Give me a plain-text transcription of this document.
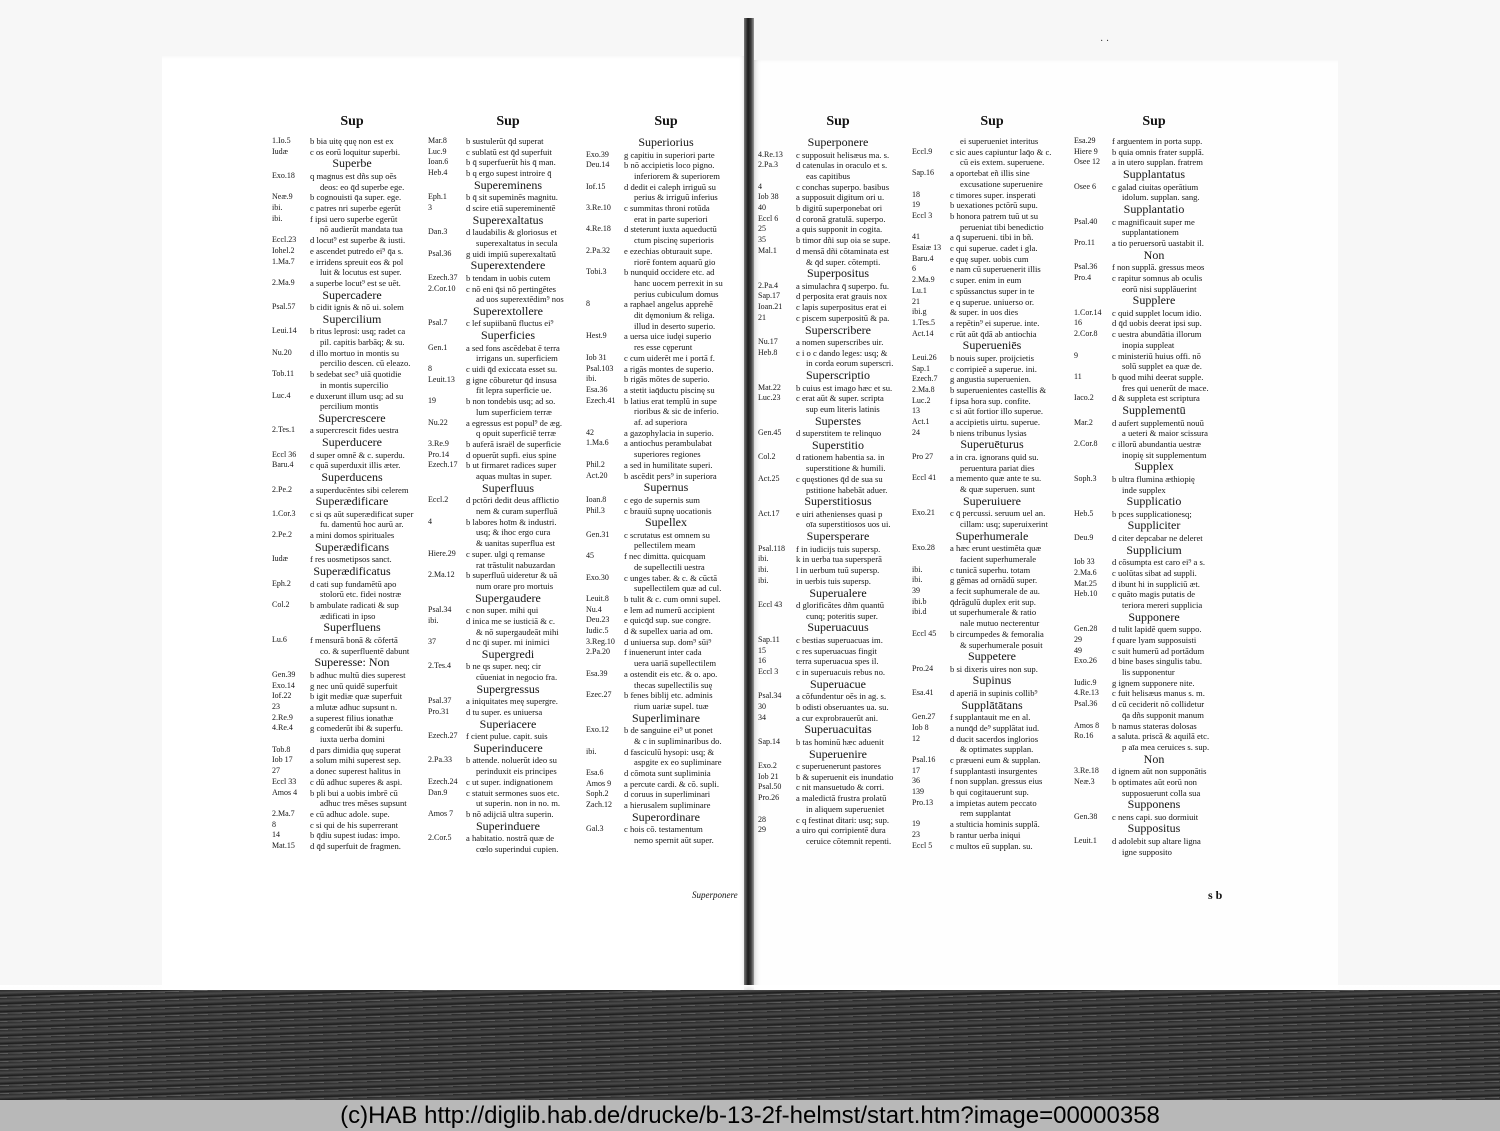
· ·
Sup
1.Io.5	b bia uitę quę non est ex
Iudæ	c os eorū loquitur superbi.
Superbe
Exo.18	q magnus est dñs sup oēs
deos: eo q̄d superbe ege.
Neæ.9	b cognouisti q̄a super. ege.
ibi.	c patres nri superbe egerūt
ibi.	f ipsi uero superbe egerūt
nō audierūt mandata tua
Eccl.23	d locut⁹ est superbe & iusti.
Iohel.2	e ascendet putredo ei⁹ q̄a s.
1.Ma.7	e irridens spreuit eos & pol
luit & locutus est super.
2.Ma.9	a superbe locut⁹ est se uēt.
Supercadere
Psal.57	b cidit ignis & nō ui. solem
Supercilium
Leui.14	b ritus leprosi: usq; radet ca
pil. capitis barbāq; & su.
Nu.20	d illo mortuo in montis su
percilio descen. cū eleazo.
Tob.11	b sedebat sec⁹ uiā quotidie
in montis supercilio
Luc.4	e duxerunt illum usq; ad su
percilium montis
Supercrescere
2.Tes.1	a supercrescit fides uestra
Superducere
Eccl 36	d super omnē & c. superdu.
Baru.4	c quā superduxit illis æter.
Superducens
2.Pe.2	a superducēntes sibi celerem
Superædificare
1.Cor.3	c si qs aūt superædificat super
fu. damentū hoc aurū ar.
2.Pe.2	a mini domos spirituales
Superædificans
Iudæ	f res uosmetipsos sanct.
Superædificatus
Eph.2	d cati sup fundamētū apo
stolorū etc. fidei nostræ
Col.2	b ambulate radicati & sup
ædificati in ipso
Superfluens
Lu.6	f mensurā bonā & cōfertā
co. & superfluentē dabunt
Superesse: Non
Gen.39	b adhuc multū dies superest
Exo.14	g nec unū quidē superfuit
Iof.22	b igit mediæ quæ superfuit
23	a mlutæ adhuc supsunt n.
2.Re.9	a superest filius ionathæ
4.Re.4	g comederūt ibi & superfu.
iuxta uerba domini
Tob.8	d pars dimidia quę superat
Iob 17	a solum mihi superest sep.
27	a donec superest halitus in
Eccl 33	c dū adhuc superes & aspi.
Amos 4	b pli bui a uobis imbrē cū
adhuc tres mēses supsunt
2.Ma.7	e cū adhuc adole. supe.
8	c si qui de his superrerant
14	b q̄diu supest iudas: impo.
Mat.15	d q̄d superfuit de fragmen.
Sup
Mar.8	b sustulerūt q̄d superat
Luc.9	c sublatū est q̄d superfuit
Ioan.6	b q̄ superfuerūt his q̄ man.
Heb.4	b q ergo supest introire q̄
Supereminens
Eph.1	b q̄ sit supeminēs magnitu.
3	d scire etiā supereminentē
Superexaltatus
Dan.3	d laudabilis & gloriosus et
superexaltatus in secula
Psal.36	g uidi impiū superexaltatū
Superextendere
Ezech.37 b tendam in uobis cutem
2.Cor.10	c nō eni q̄si nō pertingētes
ad uos superextēdim⁹ nos
Superextollere
Psal.7	c lef supiibanū fluctus ei⁹
Superficies
Gen.1	a sed fons ascēdebat ē terra
irrigans un. superficiem
8	c uidi q̄d exiccata esset su.
Leuit.13	g igne cōburetur q̄d insusa
fit lepra superficie ue.
19	b non tondebis usq; ad so.
lum superficiem terræ
Nu.22	a egressus est popul⁹ de æg.
q opuit superficiē terræ
3.Re.9	b auferā israël de superficie
Pro.14	d opuerūt supfi. eius spine
Ezech.17 b ut firmaret radices super
aquas multas in super.
Superfluus
Eccl.2	d pctōri dedit deus afflictio
nem & curam superfluā
4	b labores hoīm & industri.
usq; & ihoc ergo cura
& uanitas superflua est
Hiere.29	c super. ulgi q remanse
rat trāstulit nabuzardan
2.Ma.12	b superfluū uideretur & uā
num orare pro mortuis
Supergaudere
Psal.34	c non super. mihi qui
ibi.	d inica me se iusticiā & c.
& nō supergaudeāt mihi
37	d nc q̄i super. mi inimici
Supergredi
2.Tes.4	b ne qs super. neq; cir
cūueniat in negocio fra.
Supergressus
Psal.37	a iniquitates meę supergre.
Pro.31	d tu super. es uniuersa
Superiacere
Ezech.27 f cient pulue. capit. suis
Superinducere
2.Pa.33	b attende. noluerūt ideo su
perinduxit eis principes
Ezech.24 c ut super. indignationem
Dan.9	c statuit sermones suos etc.
ut superin. non in no. m.
Amos 7	b nō adijciā ultra superin.
Superinduere
2.Cor.5	a habitatio. nostrā quæ de
cœlo superindui cupien.
Sup
Superiorius
Exo.39	g capitiu in superiori parte
Deu.14	b nō accipietis loco pigno.
inferiorem & superiorem
Iof.15	d dedit ei caleph irriguū su
perius & irriguū inferius
3.Re.10	c summitas throni rotūda
erat in parte superiori
4.Re.18	d steterunt iuxta aqueductū
ctum piscinę superioris
2.Pa.32	e ezechias obturauit supe.
riorē fontem aquarū gio
Tobi.3	b nunquid occidere etc. ad
hanc uocem perrexit in su
perius cubiculum domus
8	a raphael angelus apprehē
dit dęmonium & religa.
illud in deserto superio.
Hest.9	a uersa uice iudęi superio
res esse cęperunt
Iob 31	c cum uiderēt me i portā f.
Psal.103	a rigās montes de superio.
ibi.	b rigās mōtes de superio.
Esa.36	a stetit iaq̄ductu piscinę su
Ezech.41 b latius erat templū in supe
rioribus & sic de inferio.
af. ad superiora
42	a gazophylacia in superio.
1.Ma.6	a antiochus perambulabat
superiores regiones
Phil.2	a sed in humilitate superi.
Act.20	b ascēdit pers⁹ in superiora
Supernus
Ioan.8	c ego de supernis sum
Phil.3	c brauiū supnę uocationis
Supellex
Gen.31	c scrutatus est omnem su
pellectilem meam
45	f nec dimitta. quicquam
de supellectili uestra
Exo.30	c unges taber. & c. & cūctā
supellectilem quæ ad cul.
Leuit.8	b tulit & c. cum omni supel.
Nu.4	e lem ad numerū accipient
Deu.23	e quicq̄d sup. sue congre.
Iudic.5	d & supellex uaria ad om.
3.Reg.10	d uniuersa sup. dom⁹ sūi⁹
2.Pa.20	f inuenerunt inter cada
uera uariā supellectilem
Esa.39	a ostendit eis etc. & o. apo.
thecas supellectilis suę
Ezec.27	b fenes biblij etc. adminis
rium uariæ supel. tuæ
Superliminare
Exo.12	b de sanguine ei⁹ ut ponet
& c in supliminaribus do.
ibi.	d fasciculū hysopi: usq; &
aspgite ex eo supliminare
Esa.6	d cōmota sunt supliminia
Amos 9	a percute cardi. & cō. supli.
Soph.2	d coruus in superliminari
Zach.12	a hierusalem supliminare
Superordinare
Gal.3	c hois cō. testamentum
nemo spernit aūt super.
Sup
Superponere
4.Re.13	c supposuit helisæus ma. s.
2.Pa.3	d catenulas in oraculo et s.
eas capitibus
4	c conchas superpo. basibus
Iob 38	a supposuit digitum ori u.
40	b digitū superponebat ori
Eccl 6	d coronā gratulā. superpo.
25	a quis supponit in cogita.
35	b timor dñi sup oia se supe.
Mal.1	d mensā dñi cōtaminata est
& q̄d super. cōtempti.
Superpositus
2.Pa.4	a simulachra q̄ superpo. fu.
Sap.17	d perposita erat grauis nox
Ioan.21	c lapis superpositus erat ei
21	c piscem superpositū & pa.
Superscribere
Nu.17	a nomen superscribes uir.
Heb.8	c i o c dando leges: usq; &
in corda eorum superscri.
Superscriptio
Mat.22	b cuius est imago hæc et su.
Luc.23	c erat aūt & super. scripta
sup eum literis latinis
Superstes
Gen.45	d superstitem te relinquo
Superstitio
Col.2	d rationem habentia sa. in
superstitione & humili.
Act.25	c quęstiones q̄d de sua su
pstitione habebāt aduer.
Superstitiosus
Act.17	e uiri athenienses quasi p
oīa superstitiosos uos ui.
Supersperare
Psal.118	f in iudicijs tuis supersp.
ibi.	k in uerba tua supersperā
ibi.	l in uerbum tuū supersp.
ibi.	in uerbis tuis supersp.
Superualere
Eccl 43	d glorificātes dñm quantū
cunq; poteritis super.
Superuacuus
Sap.11	c bestias superuacuas im.
15	c res superuacuas fingit
16	terra superuacua spes il.
Eccl 3	c in superuacuis rebus no.
Superuacue
Psal.34	a cōfundentur oēs in ag. s.
30	b odisti obseruantes ua. su.
34	a cur exprobrauerūt ani.
Superuacuitas
Sap.14	b tas hominū hæc aduenit
Superuenire
Exo.2	c superuenerunt pastores
Iob 21	b & superuenit eis inundatio
Psal.50	c nit mansuetudo & corri.
Pro.26	a maledictā frustra prolatū
in aliquem superueniet
28	c q festinat ditari: usq; sup.
29	a uiro qui corripientē dura
ceruice cōtemnit repenti.
Sup
ei superueniet interitus
Eccl.9	c sic aues capiuntur laq̄o & c.
cū eis extem. superuene.
Sap.16	a oportebat eñ illis sine
excusatione superuenire
18	c timores super. insperati
19	b uexationes pctōrū supu.
Eccl 3	b honora patrem tuū ut su
perueniat tibi benedictio
41	a q̄ superueni. tibi in bñ.
Esaiæ 13	c qui superue. cadet i gla.
Baru.4	e quę super. uobis cum
6	e nam cū superuenerit illis
2.Ma.9	c super. enim in eum
Lu.1	c spūssanctus super in te
21	e q superue. uniuerso or.
ibi.g	& super. in uos dies
1.Tes.5	a repētin⁹ ei superue. inte.
Act.14	c rūt aūt q̄dā ab antiochia
Superueniēs
Leui.26	b nouis super. proijcietis
Sap.1	c corripieē a superue. ini.
Ezech.7	g angustia superuenien.
2.Ma.8	b superuenientes castellis &
Luc.2	f ipsa hora sup. confite.
13	c si aūt fortior illo superue.
Act.1	a accipietis uirtu. superue.
24	b niens tribunus lysias
Superuēturus
Pro 27	a in cra. ignorans quid su.
peruentura pariat dies
Eccl 41	a memento quæ ante te su.
& quæ superuen. sunt
Superuiuere
Exo.21	c q̄ percussi. seruum uel an.
cillam: usq; superuixerint
Superhumerale
Exo.28	a hæc erunt uestimēta quæ
facient superhumerale
ibi.	c tunicā superhu. totam
ibi.	g gēmas ad ornādū super.
39	a fecit suphumerale de au.
ibi.b	q̄drāgulū duplex erit sup.
ibi.d	ut superhumerale & ratio
nale mutuo necterentur
Eccl 45	b circumpedes & femoralia
& superhumerale posuit
Suppetere
Pro.24	b si dixeris uires non sup.
Supinus
Esa.41	d aperiā in supinis collib⁹
Supplātātans
Gen.27	f supplantauit me en al.
Iob 8	a nunq̄d de⁹ supplātat iud.
12	d ducit sacerdos inglorios
& optimates supplan.
Psal.16	c præueni eum & supplan.
17	f supplantasti insurgentes
36	f non supplan. gressus eius
139	b qui cogitauerunt sup.
Pro.13	a impietas autem peccato
rem supplantat
19	a stulticia hominis supplā.
23	b rantur uerba iniqui
Eccl 5	c multos eū supplan. su.
Sup
Esa.29	f arguentem in porta supp.
Hiere 9	b quia omnis frater supplā.
Osee 12	a in utero supplan. fratrem
Supplantatus
Osee 6	c galad ciuitas operātium
idolum. supplan. sang.
Supplantatio
Psal.40	c magnificauit super me
supplantationem
Pro.11	a tio peruersorū uastabit il.
Non
Psal.36	f non supplā. gressus meos
Pro.4	c rapitur somnus ab oculis
eorū nisi supplāuerint
Supplere
1.Cor.14	c quid supplet locum idio.
16	d q̄d uobis deerat ipsi sup.
2.Cor.8	c uestra abundātia illorum
inopia suppleat
9	c ministeriū huius offi. nō
solū supplet ea quæ de.
11	b quod mihi deerat supple.
fres qui uenerūt de mace.
Iaco.2	d & suppleta est scriptura
Supplementū
Mar.2	d aufert supplementū nouū
a ueteri & maior scissura
2.Cor.8	c illorū abundantia uestræ
inopię sit supplementum
Supplex
Soph.3	b ultra flumina æthiopię
inde supplex
Supplicatio
Heb.5	b pces supplicationesq;
Suppliciter
Deu.9	d citer depcabar ne deleret
Supplicium
Iob 33	d cōsumpta est caro ei⁹ a s.
2.Ma.6	c uolūtas sibat ad suppli.
Mat.25	d ibunt hi in suppliciū æt.
Heb.10	c quāto magis putatis de
teriora mereri supplicia
Supponere
Gen.28	d tulit lapidē quem suppo.
29	f quare lyam supposuisti
49	c suit humerū ad portādum
Exo.26	d bine bases singulis tabu.
lis supponentur
Iudic.9	g ignem supponere nite.
4.Re.13	c fuit helisæus manus s. m.
Psal.36	d cū ceciderit nō collidetur
q̄a dñs supponit manum
Amos 8	b namus stateras dolosas
Ro.16	a saluta. priscā & aquilā etc.
p aīa mea ceruices s. sup.
Non
3.Re.18	d ignem aūt non supponātis
Neæ.3	b optimates aūt eorū non
supposuerunt colla sua
Supponens
Gen.38	c nens capi. suo dormiuit
Suppositus
Leuit.1	d adolebit sup altare ligna
igne supposito
Superponere	s b
(c)HAB http://diglib.hab.de/drucke/b-13-2f-helmst/start.htm?image=00000358
